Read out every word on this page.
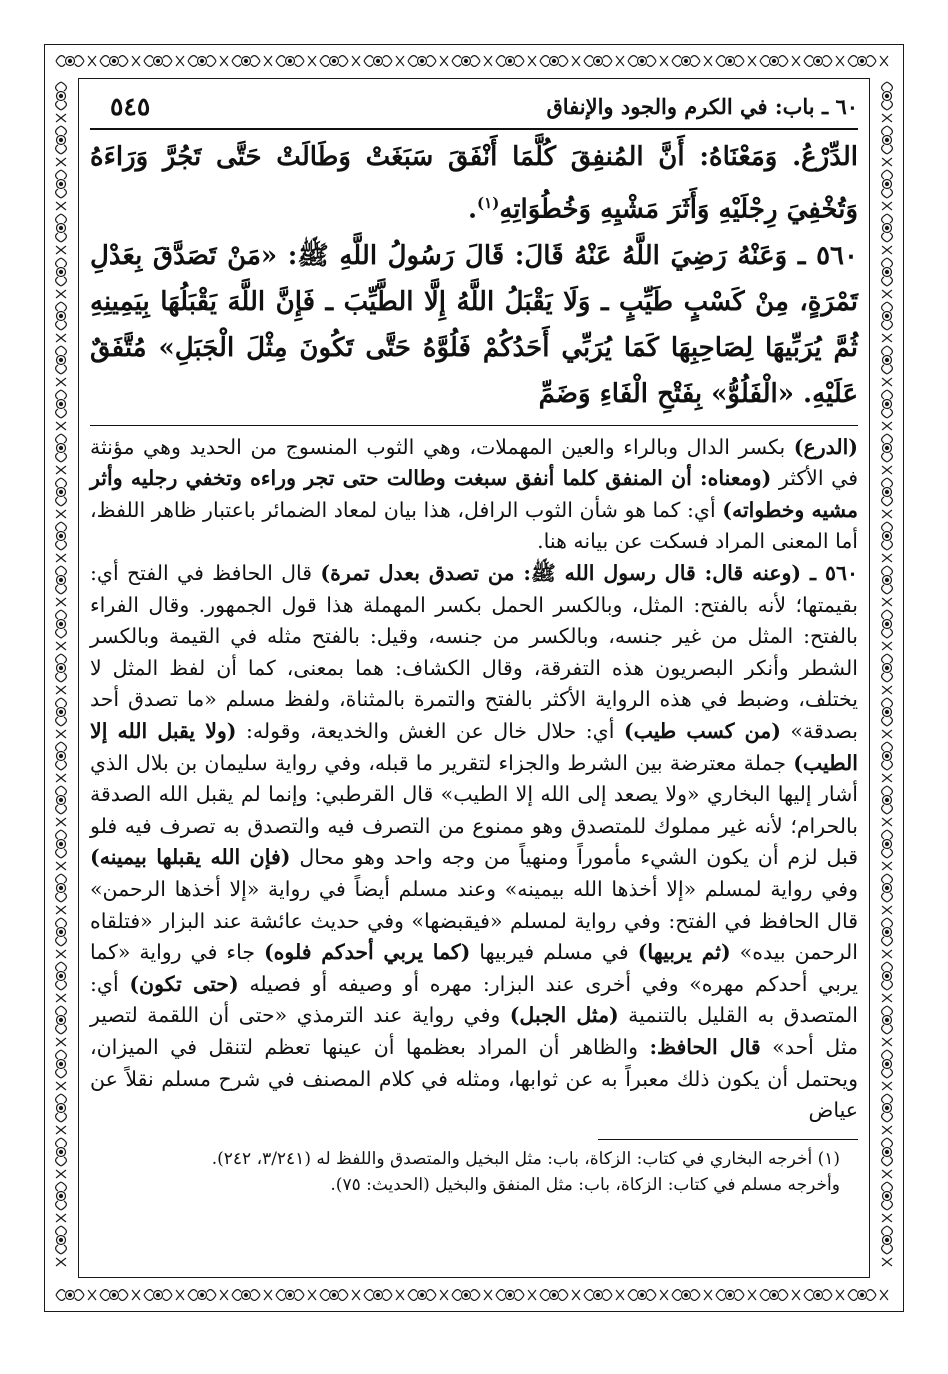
٦٠ ـ باب: في الكرم والجود والإنفاق
٥٤٥

الدِّرْعُ. وَمَعْنَاهُ: أَنَّ المُنفِقَ كُلَّمَا أَنْفَقَ سَبَغَتْ وَطَالَتْ حَتَّى تَجُرَّ وَرَاءَهُ وَتُخْفِيَ رِجْلَيْهِ وَأَثَرَ مَشْيِهِ وَخُطُوَاتِهِ$^{(١)}$.

٥٦٠ ـ وَعَنْهُ رَضِيَ اللَّهُ عَنْهُ قَالَ: قَالَ رَسُولُ اللَّهِ ﷺ: «مَنْ تَصَدَّقَ بِعَدْلِ تَمْرَةٍ، مِنْ كَسْبٍ طَيِّبٍ ـ وَلَا يَقْبَلُ اللَّهُ إِلَّا الطَّيِّبَ ـ فَإِنَّ اللَّهَ يَقْبَلُهَا بِيَمِينِهِ ثُمَّ يُرَبِّيهَا لِصَاحِبِهَا كَمَا يُرَبِّي أَحَدُكُمْ فَلُوَّهُ حَتَّى تَكُونَ مِثْلَ الْجَبَلِ» مُتَّفَقٌ عَلَيْهِ. «الْفَلُوُّ» بِفَتْحِ الْفَاءِ وَضَمِّ

(الدرع) بكسر الدال وبالراء والعين المهملات، وهي الثوب المنسوج من الحديد وهي مؤنثة في الأكثر (ومعناه: أن المنفق كلما أنفق سبغت وطالت حتى تجر وراءه وتخفي رجليه وأثر مشيه وخطواته) أي: كما هو شأن الثوب الرافل، هذا بيان لمعاد الضمائر باعتبار ظاهر اللفظ، أما المعنى المراد فسكت عن بيانه هنا.

٥٦٠ ـ (وعنه قال: قال رسول الله ﷺ: من تصدق بعدل تمرة) قال الحافظ في الفتح أي: بقيمتها؛ لأنه بالفتح: المثل، وبالكسر الحمل بكسر المهملة هذا قول الجمهور. وقال الفراء بالفتح: المثل من غير جنسه، وبالكسر من جنسه، وقيل: بالفتح مثله في القيمة وبالكسر الشطر وأنكر البصريون هذه التفرقة، وقال الكشاف: هما بمعنى، كما أن لفظ المثل لا يختلف، وضبط في هذه الرواية الأكثر بالفتح والتمرة بالمثناة، ولفظ مسلم «ما تصدق أحد بصدقة» (من كسب طيب) أي: حلال خال عن الغش والخديعة، وقوله: (ولا يقبل الله إلا الطيب) جملة معترضة بين الشرط والجزاء لتقرير ما قبله، وفي رواية سليمان بن بلال الذي أشار إليها البخاري «ولا يصعد إلى الله إلا الطيب» قال القرطبي: وإنما لم يقبل الله الصدقة بالحرام؛ لأنه غير مملوك للمتصدق وهو ممنوع من التصرف فيه والتصدق به تصرف فيه فلو قبل لزم أن يكون الشيء مأموراً ومنهياً من وجه واحد وهو محال (فإن الله يقبلها بيمينه) وفي رواية لمسلم «إلا أخذها الله بيمينه» وعند مسلم أيضاً في رواية «إلا أخذها الرحمن» قال الحافظ في الفتح: وفي رواية لمسلم «فيقبضها» وفي حديث عائشة عند البزار «فتلقاه الرحمن بيده» (ثم يربيها) في مسلم فيربيها (كما يربي أحدكم فلوه) جاء في رواية «كما يربي أحدكم مهره» وفي أخرى عند البزار: مهره أو وصيفه أو فصيله (حتى تكون) أي: المتصدق به القليل بالتنمية (مثل الجبل) وفي رواية عند الترمذي «حتى أن اللقمة لتصير مثل أحد» قال الحافظ: والظاهر أن المراد بعظمها أن عينها تعظم لتنقل في الميزان، ويحتمل أن يكون ذلك معبراً به عن ثوابها، ومثله في كلام المصنف في شرح مسلم نقلاً عن عياض

(١) أخرجه البخاري في كتاب: الزكاة، باب: مثل البخيل والمتصدق واللفظ له (٣/٢٤١، ٢٤٢).

وأخرجه مسلم في كتاب: الزكاة، باب: مثل المنفق والبخيل (الحديث: ٧٥).
